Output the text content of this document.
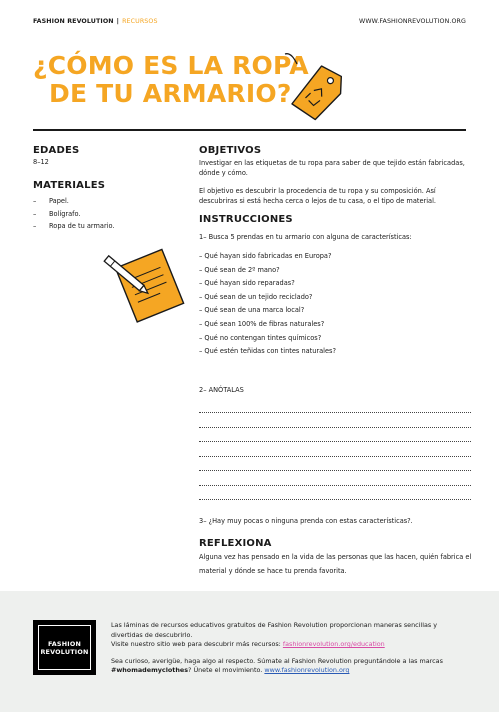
FASHION REVOLUTION | RECURSOS	WWW.FASHIONREVOLUTION.ORG
¿CÓMO ES LA ROPA
DE TU ARMARIO?
EDADES
8–12
MATERIALES
– Papel.
– Bolígrafo.
– Ropa de tu armario.
OBJETIVOS

Investigar en las etiquetas de tu ropa para saber de que tejido están fabricadas, dónde y cómo.

El objetivo es descubrir la procedencia de tu ropa y su composición. Así descubriras si está hecha cerca o lejos de tu casa, o el tipo de material.

INSTRUCCIONES

1– Busca 5 prendas en tu armario con alguna de características:

– Qué hayan sido fabricadas en Europa?
– Qué sean de 2º mano?
– Qué hayan sido reparadas?
– Qué sean de un tejido reciclado?
– Qué sean de una marca local?
– Qué sean 100% de fibras naturales?
– Qué no contengan tintes químicos?
– Qué estén teñidas con tintes naturales?

2– ANÓTALAS

3– ¿Hay muy pocas o ninguna prenda con estas características?.

REFLEXIONA

Alguna vez has pensado en la vida de las personas que las hacen, quién fabrica el material y dónde se hace tu prenda favorita.

FASHION
REVOLUTION

Las láminas de recursos educativos gratuitos de Fashion Revolution proporcionan maneras sencillas y divertidas de descubrirlo.
Visite nuestro sitio web para descubrir más recursos: fashionrevolution.org/education

Sea curioso, averigüe, haga algo al respecto. Súmate al Fashion Revolution preguntándole a las marcas #whomademyclothes? Únete el movimiento. www.fashionrevolution.org
